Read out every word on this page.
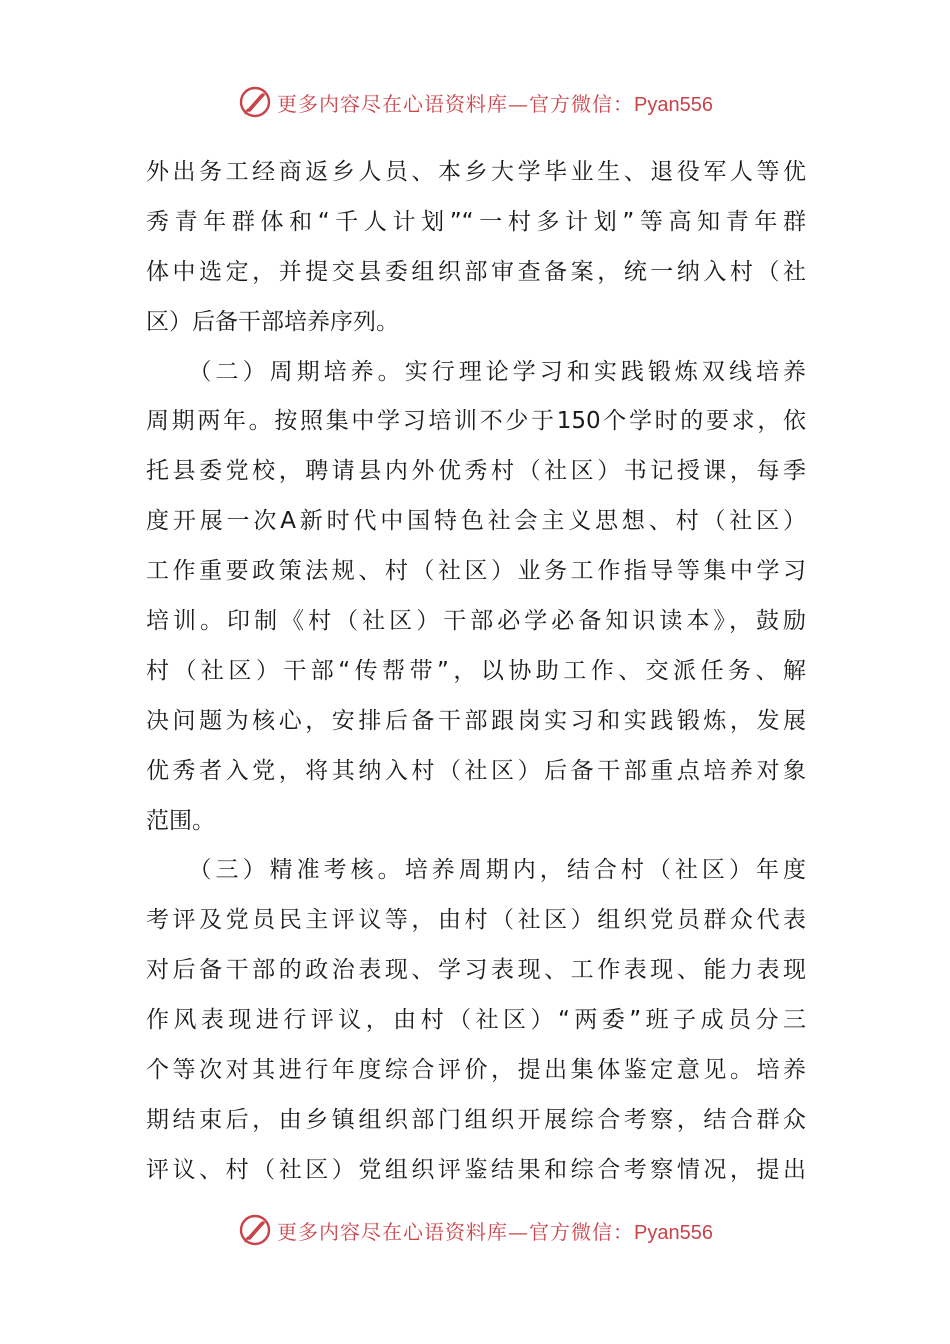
更多内容尽在心语资料库—官方微信：Pyan556
外出务工经商返乡人员、本乡大学毕业生、退役军人等优
秀青年群体和“千人计划”“一村多计划”等高知青年群
体中选定，并提交县委组织部审查备案，统一纳入村（社
区）后备干部培养序列。
　　（二）周期培养。实行理论学习和实践锻炼双线培养
周期两年。按照集中学习培训不少于150个学时的要求，依
托县委党校，聘请县内外优秀村（社区）书记授课，每季
度开展一次A新时代中国特色社会主义思想、村（社区）
工作重要政策法规、村（社区）业务工作指导等集中学习
培训。印制《村（社区）干部必学必备知识读本》，鼓励
村（社区）干部“传帮带”，以协助工作、交派任务、解
决问题为核心，安排后备干部跟岗实习和实践锻炼，发展
优秀者入党，将其纳入村（社区）后备干部重点培养对象
范围。
　　（三）精准考核。培养周期内，结合村（社区）年度
考评及党员民主评议等，由村（社区）组织党员群众代表
对后备干部的政治表现、学习表现、工作表现、能力表现
作风表现进行评议，由村（社区）“两委”班子成员分三
个等次对其进行年度综合评价，提出集体鉴定意见。培养
期结束后，由乡镇组织部门组织开展综合考察，结合群众
评议、村（社区）党组织评鉴结果和综合考察情况，提出
更多内容尽在心语资料库—官方微信：Pyan556
